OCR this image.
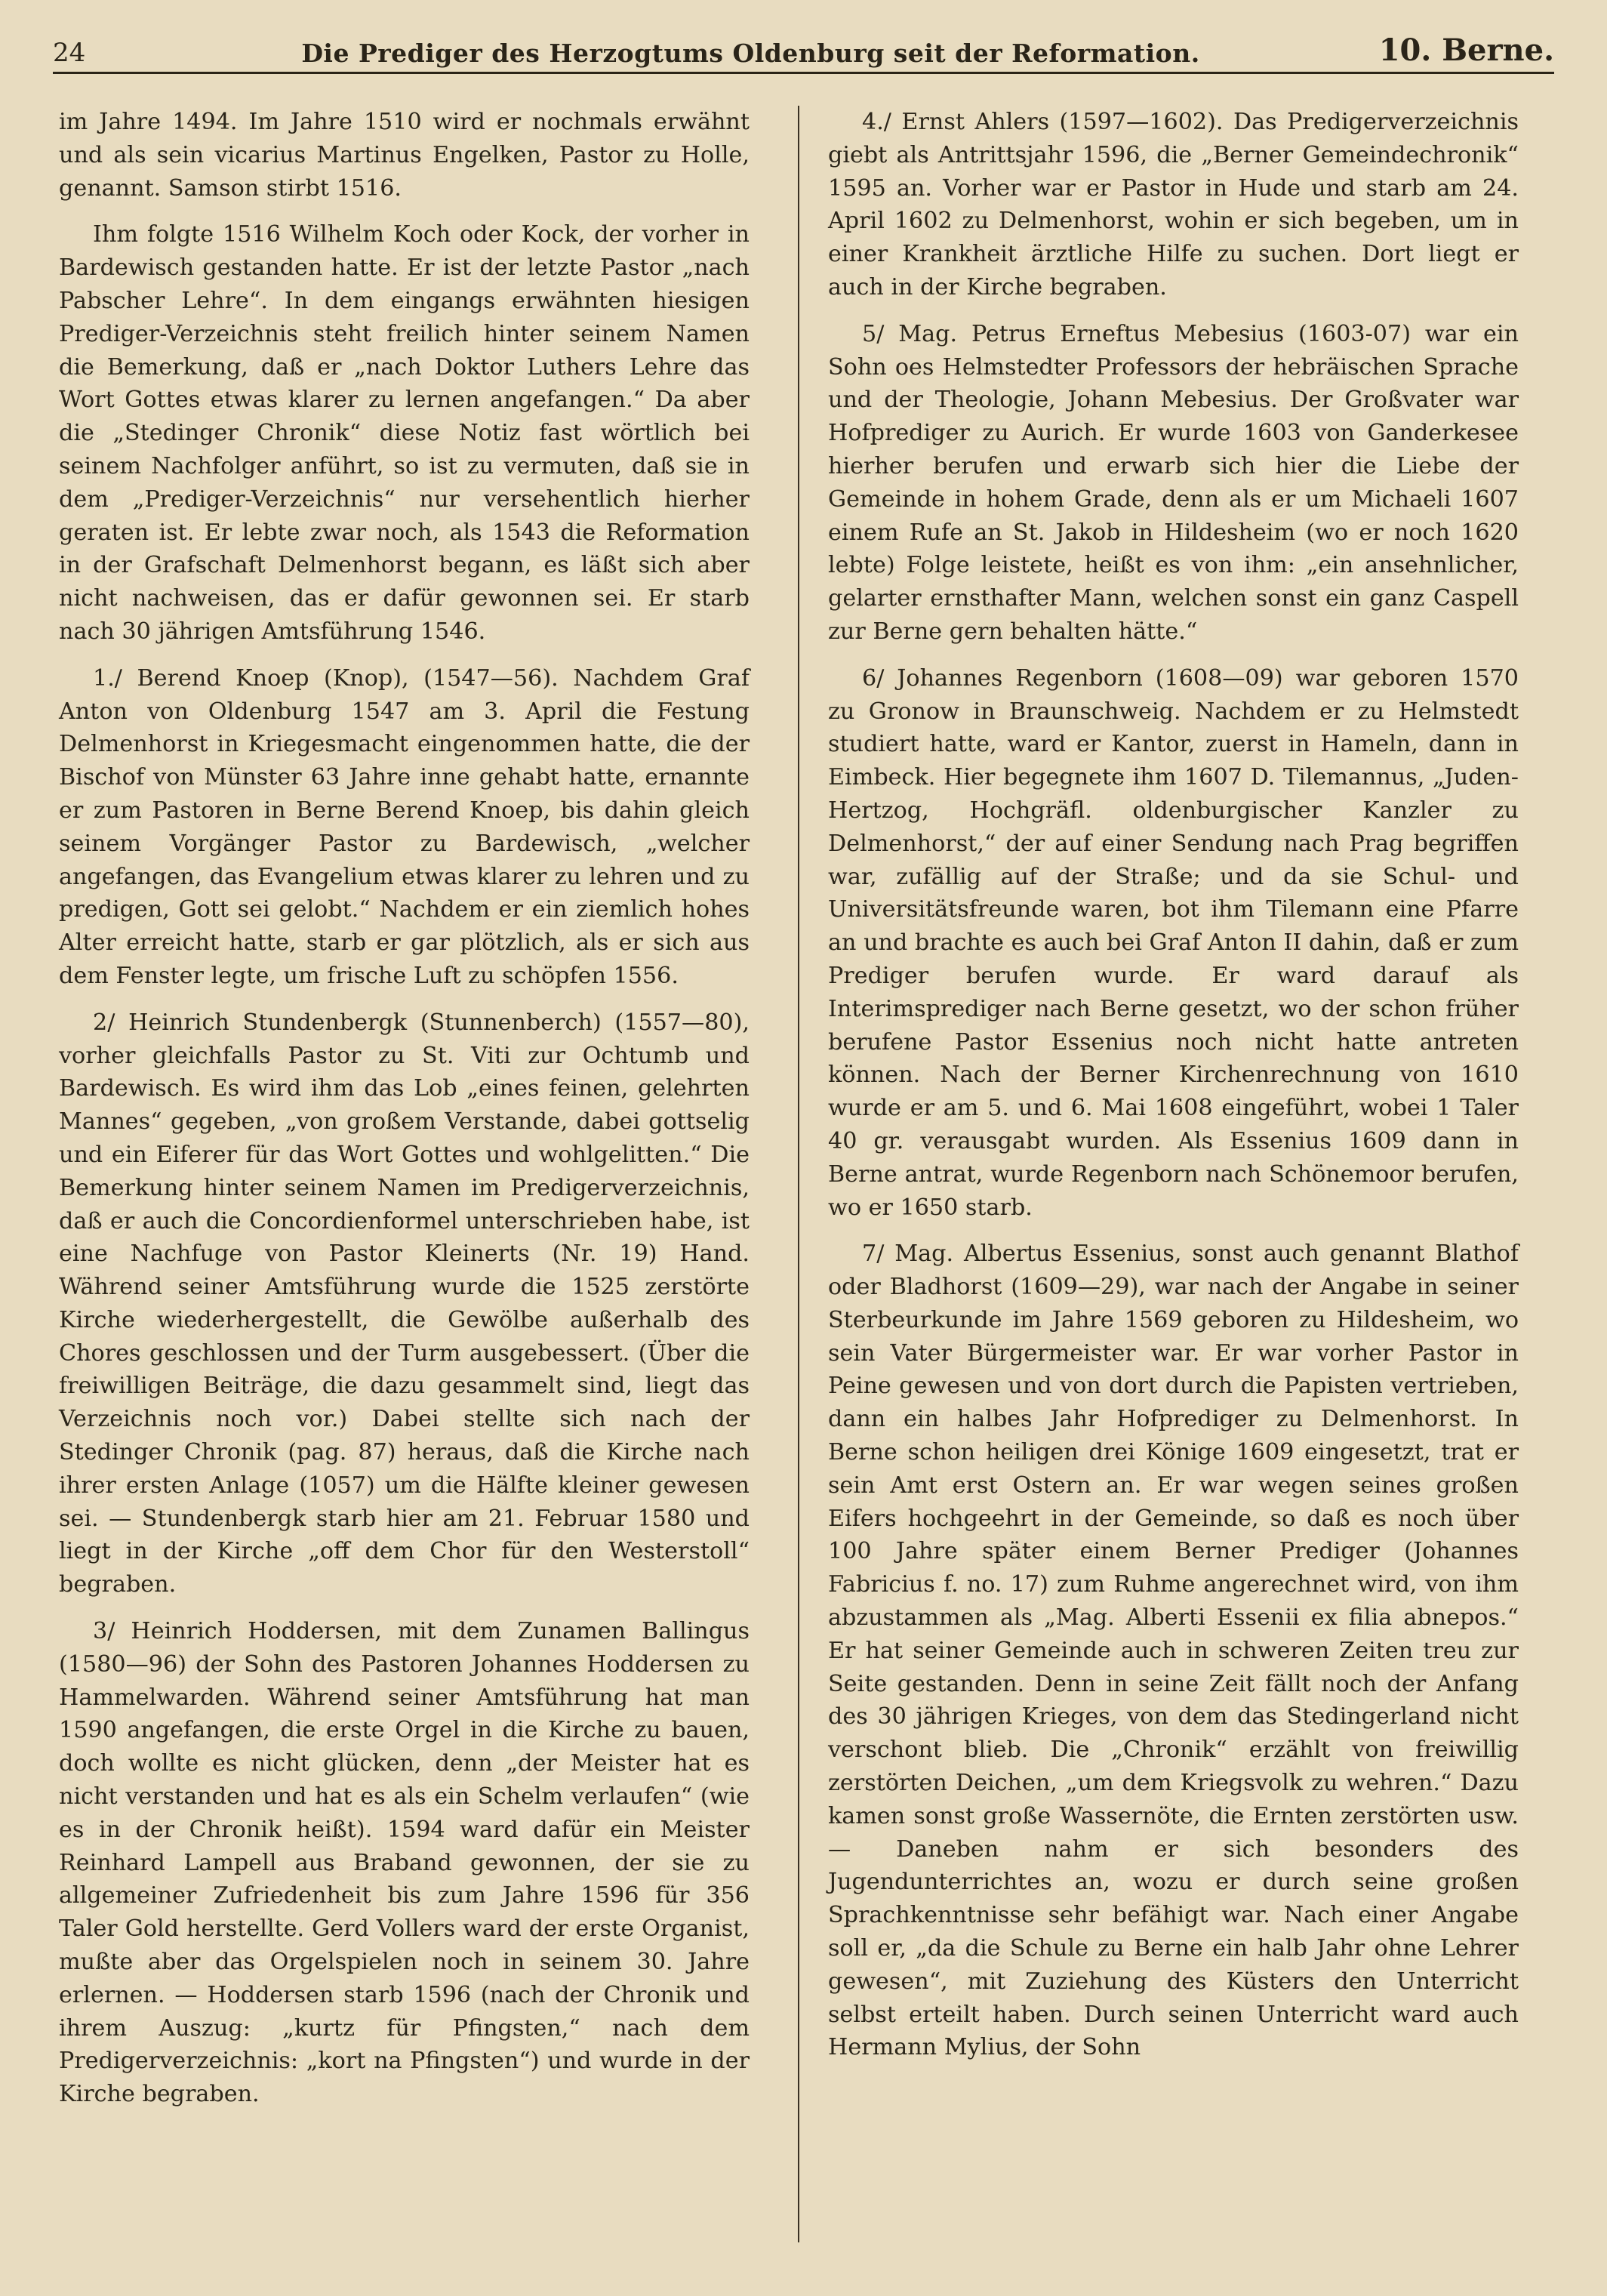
24	Die Prediger des Herzogtums Oldenburg seit der Reformation.	10. Berne.

im Jahre 1494. Im Jahre 1510 wird er nochmals erwähnt und als sein vicarius Martinus Engelken, Pastor zu Holle, genannt. Samson stirbt 1516.

Ihm folgte 1516 Wilhelm Koch oder Kock, der vorher in Bardewisch gestanden hatte. Er ist der letzte Pastor „nach Pabscher Lehre“. In dem eingangs erwähnten hiesigen Prediger-Verzeichnis steht freilich hinter seinem Namen die Bemerkung, daß er „nach Doktor Luthers Lehre das Wort Gottes etwas klarer zu lernen angefangen.“ Da aber die „Stedinger Chronik“ diese Notiz fast wörtlich bei seinem Nachfolger anführt, so ist zu vermuten, daß sie in dem „Prediger-Verzeichnis“ nur versehentlich hierher geraten ist. Er lebte zwar noch, als 1543 die Reformation in der Grafschaft Delmenhorst begann, es läßt sich aber nicht nachweisen, das er dafür gewonnen sei. Er starb nach 30 jährigen Amtsführung 1546.

1./ Berend Knoep (Knop), (1547—56). Nachdem Graf Anton von Oldenburg 1547 am 3. April die Festung Delmenhorst in Kriegesmacht eingenommen hatte, die der Bischof von Münster 63 Jahre inne gehabt hatte, ernannte er zum Pastoren in Berne Berend Knoep, bis dahin gleich seinem Vorgänger Pastor zu Bardewisch, „welcher angefangen, das Evangelium etwas klarer zu lehren und zu predigen, Gott sei gelobt.“ Nachdem er ein ziemlich hohes Alter erreicht hatte, starb er gar plötzlich, als er sich aus dem Fenster legte, um frische Luft zu schöpfen 1556.

2/ Heinrich Stundenbergk (Stunnenberch) (1557—80), vorher gleichfalls Pastor zu St. Viti zur Ochtumb und Bardewisch. Es wird ihm das Lob „eines feinen, gelehrten Mannes“ gegeben, „von großem Verstande, dabei gottselig und ein Eiferer für das Wort Gottes und wohlgelitten.“ Die Bemerkung hinter seinem Namen im Predigerverzeichnis, daß er auch die Concordienformel unterschrieben habe, ist eine Nachfuge von Pastor Kleinerts (Nr. 19) Hand. Während seiner Amtsführung wurde die 1525 zerstörte Kirche wiederhergestellt, die Gewölbe außerhalb des Chores geschlossen und der Turm ausgebessert. (Über die freiwilligen Beiträge, die dazu gesammelt sind, liegt das Verzeichnis noch vor.) Dabei stellte sich nach der Stedinger Chronik (pag. 87) heraus, daß die Kirche nach ihrer ersten Anlage (1057) um die Hälfte kleiner gewesen sei. — Stundenbergk starb hier am 21. Februar 1580 und liegt in der Kirche „off dem Chor für den Westerstoll“ begraben.

3/ Heinrich Hoddersen, mit dem Zunamen Ballingus (1580—96) der Sohn des Pastoren Johannes Hoddersen zu Hammelwarden. Während seiner Amtsführung hat man 1590 angefangen, die erste Orgel in die Kirche zu bauen, doch wollte es nicht glücken, denn „der Meister hat es nicht verstanden und hat es als ein Schelm verlaufen“ (wie es in der Chronik heißt). 1594 ward dafür ein Meister Reinhard Lampell aus Braband gewonnen, der sie zu allgemeiner Zufriedenheit bis zum Jahre 1596 für 356 Taler Gold herstellte. Gerd Vollers ward der erste Organist, mußte aber das Orgelspielen noch in seinem 30. Jahre erlernen. — Hoddersen starb 1596 (nach der Chronik und ihrem Auszug: „kurtz für Pfingsten,“ nach dem Predigerverzeichnis: „kort na Pfingsten“) und wurde in der Kirche begraben.

4./ Ernst Ahlers (1597—1602). Das Predigerverzeichnis giebt als Antrittsjahr 1596, die „Berner Gemeindechronik“ 1595 an. Vorher war er Pastor in Hude und starb am 24. April 1602 zu Delmenhorst, wohin er sich begeben, um in einer Krankheit ärztliche Hilfe zu suchen. Dort liegt er auch in der Kirche begraben.

5/ Mag. Petrus Erneftus Mebesius (1603-07) war ein Sohn oes Helmstedter Professors der hebräischen Sprache und der Theologie, Johann Mebesius. Der Großvater war Hofprediger zu Aurich. Er wurde 1603 von Ganderkesee hierher berufen und erwarb sich hier die Liebe der Gemeinde in hohem Grade, denn als er um Michaeli 1607 einem Rufe an St. Jakob in Hildesheim (wo er noch 1620 lebte) Folge leistete, heißt es von ihm: „ein ansehnlicher, gelarter ernsthafter Mann, welchen sonst ein ganz Caspell zur Berne gern behalten hätte.“

6/ Johannes Regenborn (1608—09) war geboren 1570 zu Gronow in Braunschweig. Nachdem er zu Helmstedt studiert hatte, ward er Kantor, zuerst in Hameln, dann in Eimbeck. Hier begegnete ihm 1607 D. Tilemannus, „Juden-Hertzog, Hochgräfl. oldenburgischer Kanzler zu Delmenhorst,“ der auf einer Sendung nach Prag begriffen war, zufällig auf der Straße; und da sie Schul- und Universitätsfreunde waren, bot ihm Tilemann eine Pfarre an und brachte es auch bei Graf Anton II dahin, daß er zum Prediger berufen wurde. Er ward darauf als Interimsprediger nach Berne gesetzt, wo der schon früher berufene Pastor Essenius noch nicht hatte antreten können. Nach der Berner Kirchenrechnung von 1610 wurde er am 5. und 6. Mai 1608 eingeführt, wobei 1 Taler 40 gr. verausgabt wurden. Als Essenius 1609 dann in Berne antrat, wurde Regenborn nach Schönemoor berufen, wo er 1650 starb.

7/ Mag. Albertus Essenius, sonst auch genannt Blathof oder Bladhorst (1609—29), war nach der Angabe in seiner Sterbeurkunde im Jahre 1569 geboren zu Hildesheim, wo sein Vater Bürgermeister war. Er war vorher Pastor in Peine gewesen und von dort durch die Papisten vertrieben, dann ein halbes Jahr Hofprediger zu Delmenhorst. In Berne schon heiligen drei Könige 1609 eingesetzt, trat er sein Amt erst Ostern an. Er war wegen seines großen Eifers hochgeehrt in der Gemeinde, so daß es noch über 100 Jahre später einem Berner Prediger (Johannes Fabricius f. no. 17) zum Ruhme angerechnet wird, von ihm abzustammen als „Mag. Alberti Essenii ex filia abnepos.“ Er hat seiner Gemeinde auch in schweren Zeiten treu zur Seite gestanden. Denn in seine Zeit fällt noch der Anfang des 30 jährigen Krieges, von dem das Stedingerland nicht verschont blieb. Die „Chronik“ erzählt von freiwillig zerstörten Deichen, „um dem Kriegsvolk zu wehren.“ Dazu kamen sonst große Wassernöte, die Ernten zerstörten usw. — Daneben nahm er sich besonders des Jugendunterrichtes an, wozu er durch seine großen Sprachkenntnisse sehr befähigt war. Nach einer Angabe soll er, „da die Schule zu Berne ein halb Jahr ohne Lehrer gewesen“, mit Zuziehung des Küsters den Unterricht selbst erteilt haben. Durch seinen Unterricht ward auch Hermann Mylius, der Sohn
